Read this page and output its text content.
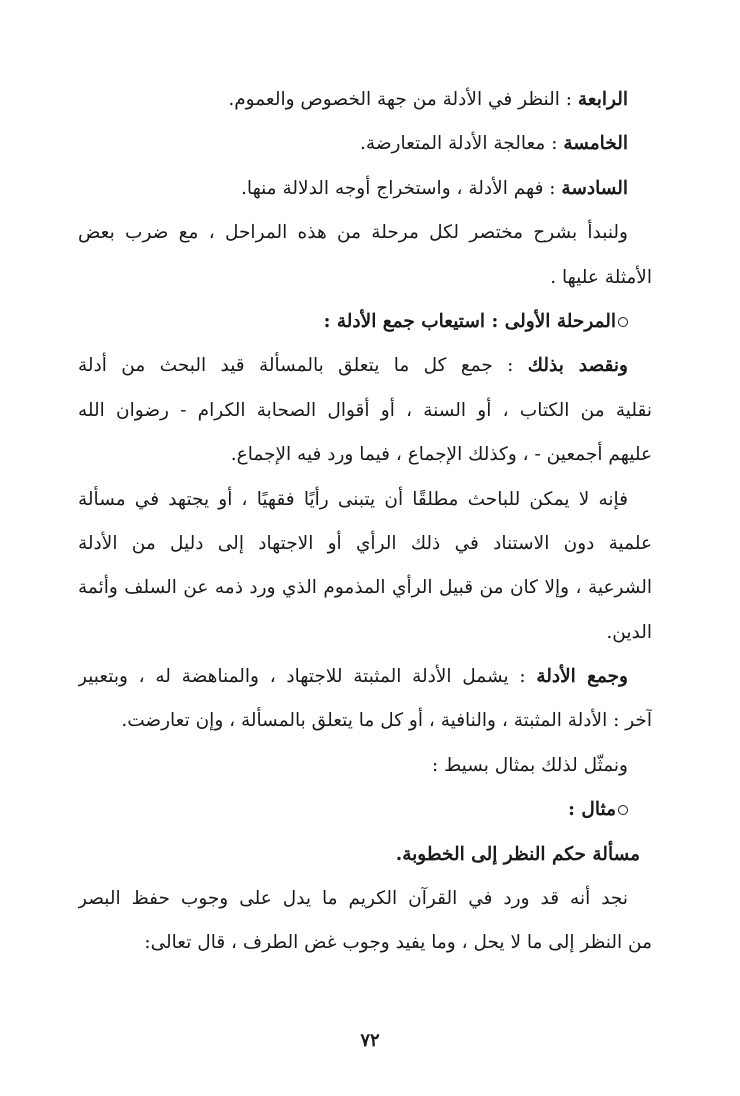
الرابعة : النظر في الأدلة من جهة الخصوص والعموم.
الخامسة : معالجة الأدلة المتعارضة.
السادسة : فهم الأدلة ، واستخراج أوجه الدلالة منها.
ولنبدأ بشرح مختصر لكل مرحلة من هذه المراحل ، مع ضرب بعض
الأمثلة عليها .
المرحلة الأولى : استيعاب جمع الأدلة :
ونقصد بذلك : جمع كل ما يتعلق بالمسألة قيد البحث من أدلة
نقلية من الكتاب ، أو السنة ، أو أقوال الصحابة الكرام - رضوان الله
عليهم أجمعين - ، وكذلك الإجماع ، فيما ورد فيه الإجماع.
فإنه لا يمكن للباحث مطلقًا أن يتبنى رأيًا فقهيًا ، أو يجتهد في مسألة
علمية دون الاستناد في ذلك الرأي أو الاجتهاد إلى دليل من الأدلة
الشرعية ، وإلا كان من قبيل الرأي المذموم الذي ورد ذمه عن السلف وأئمة
الدين.
وجمع الأدلة : يشمل الأدلة المثبتة للاجتهاد ، والمناهضة له ، وبتعبير
آخر : الأدلة المثبتة ، والنافية ، أو كل ما يتعلق بالمسألة ، وإن تعارضت.
ونمثّل لذلك بمثال بسيط :
مثال :
مسألة حكم النظر إلى الخطوبة.
نجد أنه قد ورد في القرآن الكريم ما يدل على وجوب حفظ البصر
من النظر إلى ما لا يحل ، وما يفيد وجوب غض الطرف ، قال تعالى:
٧٢
